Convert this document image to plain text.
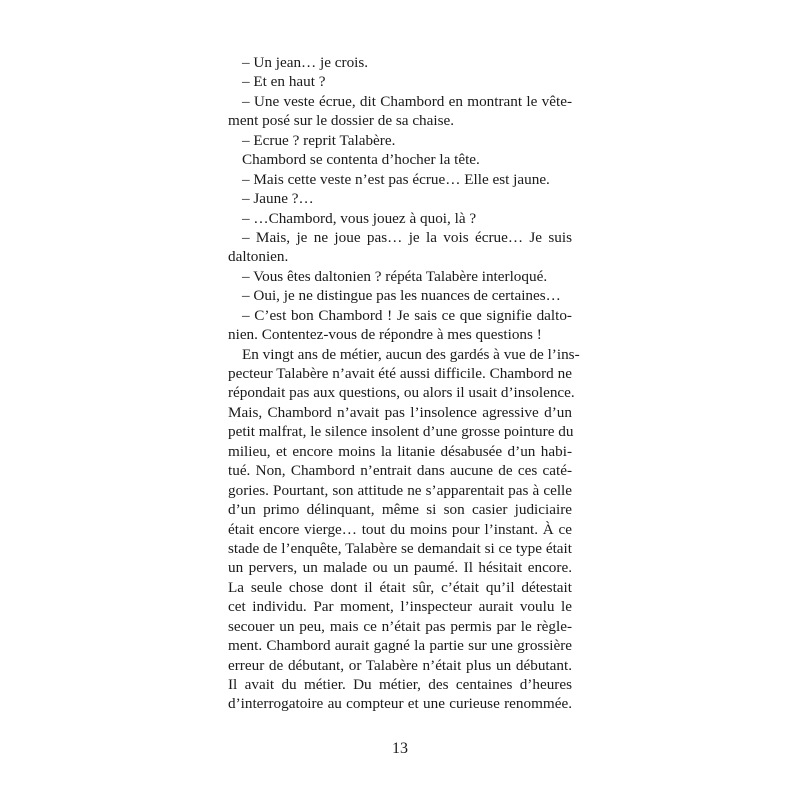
– Un jean… je crois.
– Et en haut ?
– Une veste écrue, dit Chambord en montrant le vête-
ment posé sur le dossier de sa chaise.
– Ecrue ? reprit Talabère.
Chambord se contenta d’hocher la tête.
– Mais cette veste n’est pas écrue… Elle est jaune.
– Jaune ?…
– …Chambord, vous jouez à quoi, là ?
– Mais, je ne joue pas… je la vois écrue… Je suis
daltonien.
– Vous êtes daltonien ? répéta Talabère interloqué.
– Oui, je ne distingue pas les nuances de certaines…
– C’est bon Chambord ! Je sais ce que signifie dalto-
nien. Contentez-vous de répondre à mes questions !
En vingt ans de métier, aucun des gardés à vue de l’ins-
pecteur Talabère n’avait été aussi difficile. Chambord ne
répondait pas aux questions, ou alors il usait d’insolence.
Mais, Chambord n’avait pas l’insolence agressive d’un
petit malfrat, le silence insolent d’une grosse pointure du
milieu, et encore moins la litanie désabusée d’un habi-
tué. Non, Chambord n’entrait dans aucune de ces caté-
gories. Pourtant, son attitude ne s’apparentait pas à celle
d’un primo délinquant, même si son casier judiciaire
était encore vierge… tout du moins pour l’instant. À ce
stade de l’enquête, Talabère se demandait si ce type était
un pervers, un malade ou un paumé. Il hésitait encore.
La seule chose dont il était sûr, c’était qu’il détestait
cet individu. Par moment, l’inspecteur aurait voulu le
secouer un peu, mais ce n’était pas permis par le règle-
ment. Chambord aurait gagné la partie sur une grossière
erreur de débutant, or Talabère n’était plus un débutant.
Il avait du métier. Du métier, des centaines d’heures
d’interrogatoire au compteur et une curieuse renommée.
13
